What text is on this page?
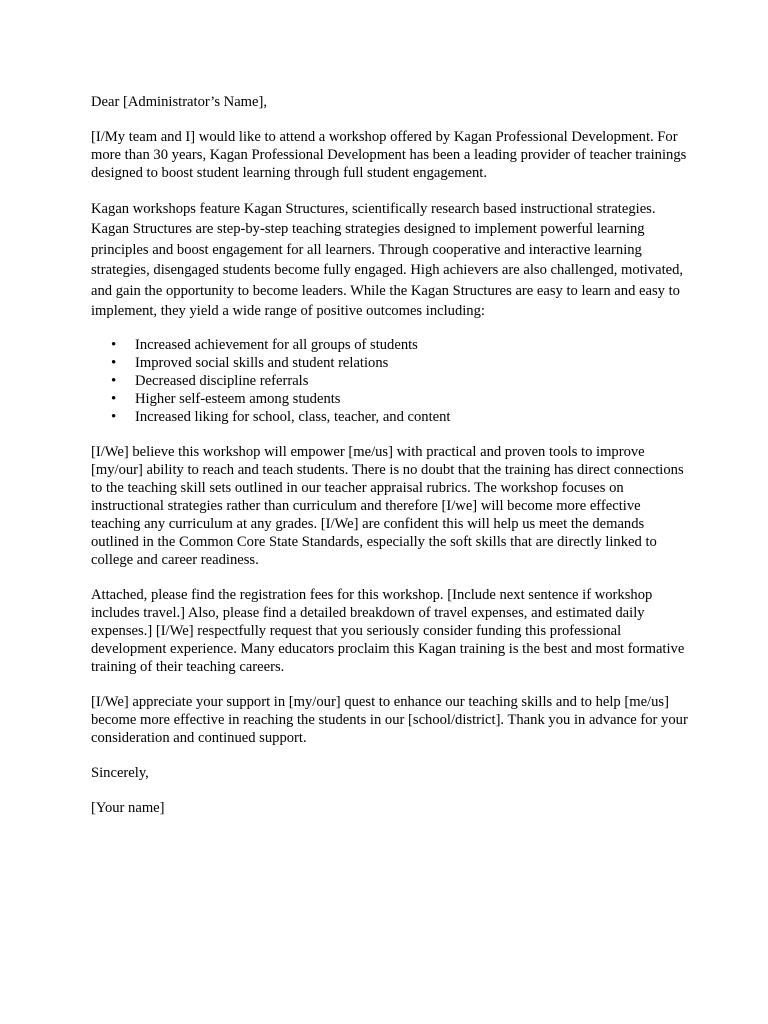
Dear [Administrator’s Name],

[I/My team and I] would like to attend a workshop offered by Kagan Professional Development. For more than 30 years, Kagan Professional Development has been a leading provider of teacher trainings designed to boost student learning through full student engagement.

Kagan workshops feature Kagan Structures, scientifically research based instructional strategies. Kagan Structures are step-by-step teaching strategies designed to implement powerful learning principles and boost engagement for all learners. Through cooperative and interactive learning strategies, disengaged students become fully engaged. High achievers are also challenged, motivated, and gain the opportunity to become leaders. While the Kagan Structures are easy to learn and easy to implement, they yield a wide range of positive outcomes including:

• Increased achievement for all groups of students
• Improved social skills and student relations
• Decreased discipline referrals
• Higher self-esteem among students
• Increased liking for school, class, teacher, and content

[I/We] believe this workshop will empower [me/us] with practical and proven tools to improve [my/our] ability to reach and teach students. There is no doubt that the training has direct connections to the teaching skill sets outlined in our teacher appraisal rubrics. The workshop focuses on instructional strategies rather than curriculum and therefore [I/we] will become more effective teaching any curriculum at any grades. [I/We] are confident this will help us meet the demands outlined in the Common Core State Standards, especially the soft skills that are directly linked to college and career readiness.

Attached, please find the registration fees for this workshop. [Include next sentence if workshop includes travel.] Also, please find a detailed breakdown of travel expenses, and estimated daily expenses.] [I/We] respectfully request that you seriously consider funding this professional development experience. Many educators proclaim this Kagan training is the best and most formative training of their teaching careers.

[I/We] appreciate your support in [my/our] quest to enhance our teaching skills and to help [me/us] become more effective in reaching the students in our [school/district]. Thank you in advance for your consideration and continued support.

Sincerely,

[Your name]
